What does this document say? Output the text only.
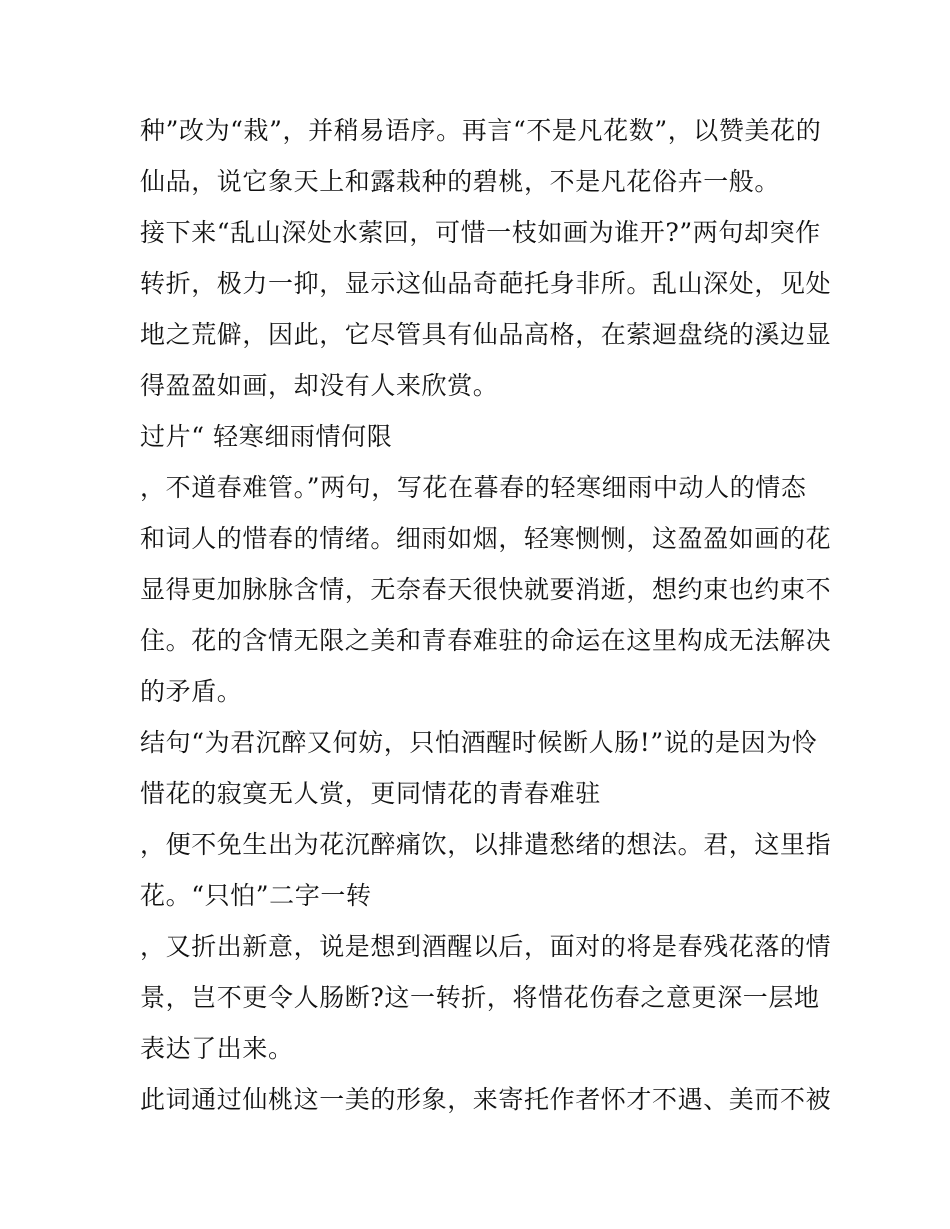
种”改为“栽”，并稍易语序。再言“不是凡花数”，以赞美花的
仙品，说它象天上和露栽种的碧桃，不是凡花俗卉一般。
接下来“乱山深处水萦回，可惜一枝如画为谁开?”两句却突作
转折，极力一抑，显示这仙品奇葩托身非所。乱山深处，见处
地之荒僻，因此，它尽管具有仙品高格，在萦迴盘绕的溪边显
得盈盈如画，却没有人来欣赏。
过片“ 轻寒细雨情何限
，不道春难管。”两句，写花在暮春的轻寒细雨中动人的情态
和词人的惜春的情绪。细雨如烟，轻寒恻恻，这盈盈如画的花
显得更加脉脉含情，无奈春天很快就要消逝，想约束也约束不
住。花的含情无限之美和青春难驻的命运在这里构成无法解决
的矛盾。
结句“为君沉醉又何妨，只怕酒醒时候断人肠!”说的是因为怜
惜花的寂寞无人赏，更同情花的青春难驻
，便不免生出为花沉醉痛饮，以排遣愁绪的想法。君，这里指
花。“只怕”二字一转
，又折出新意，说是想到酒醒以后，面对的将是春残花落的情
景，岂不更令人肠断?这一转折，将惜花伤春之意更深一层地
表达了出来。
此词通过仙桃这一美的形象，来寄托作者怀才不遇、美而不被
